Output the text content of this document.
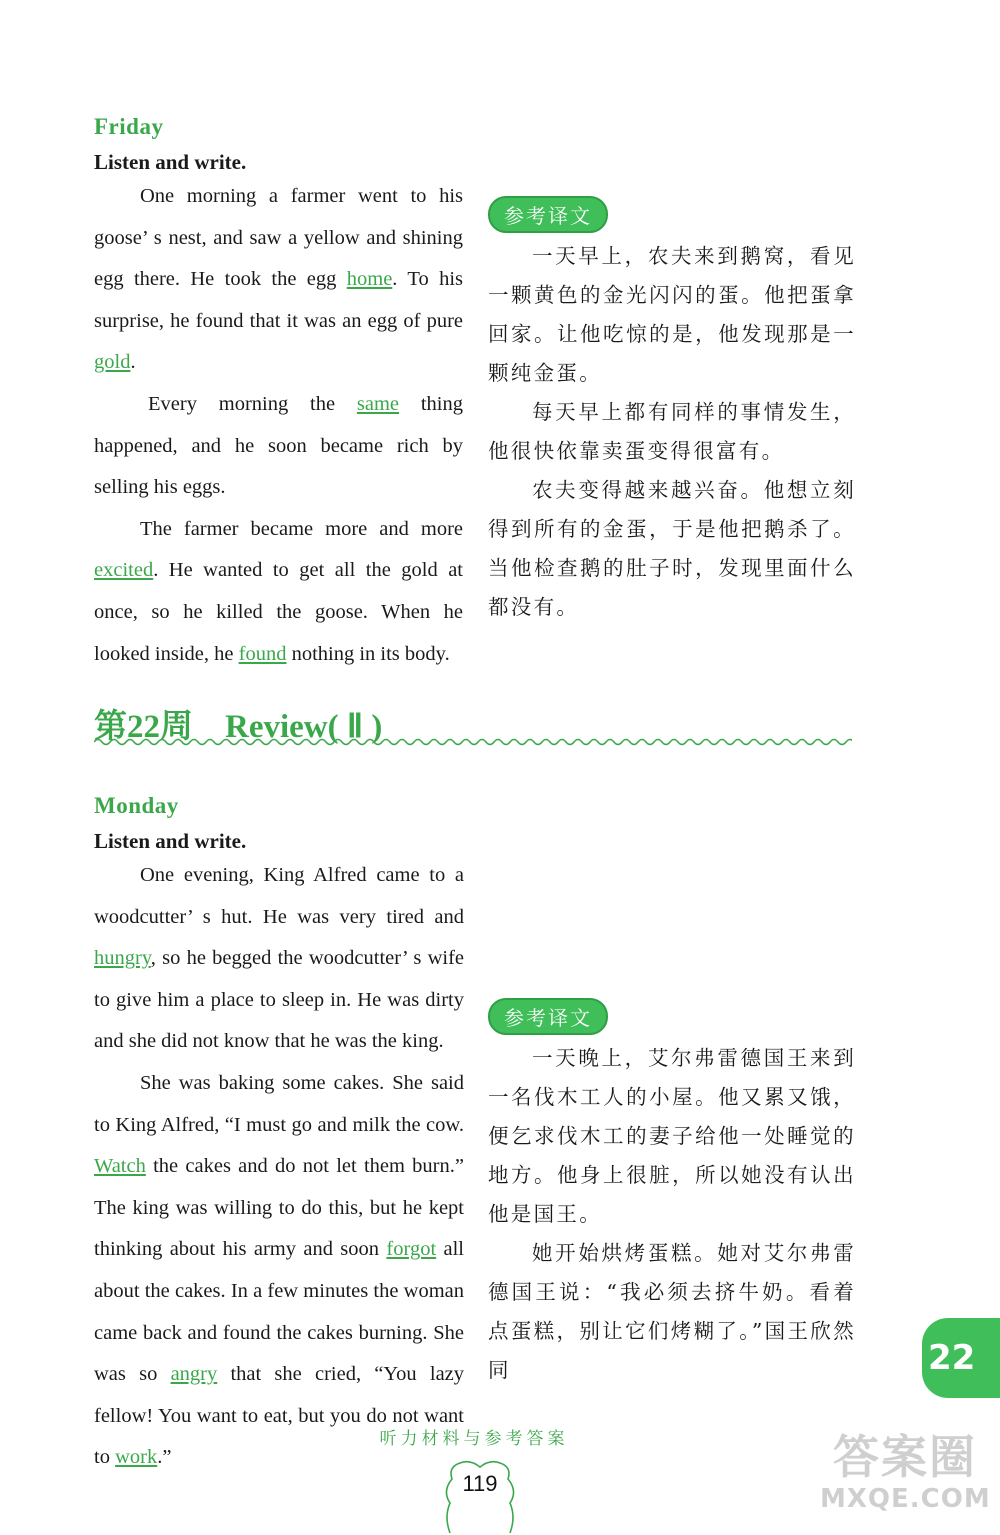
Friday
Listen and write.

One morning a farmer went to his goose’ s nest, and saw a yellow and shining egg there. He took the egg home. To his surprise, he found that it was an egg of pure gold.

Every morning the same thing happened, and he soon became rich by selling his eggs.

The farmer became more and more excited. He wanted to get all the gold at once, so he killed the goose. When he looked inside, he found nothing in its body.

参考译文

一天早上，农夫来到鹅窝，看见一颗黄色的金光闪闪的蛋。他把蛋拿回家。让他吃惊的是，他发现那是一颗纯金蛋。

每天早上都有同样的事情发生，他很快依靠卖蛋变得很富有。

农夫变得越来越兴奋。他想立刻得到所有的金蛋，于是他把鹅杀了。当他检查鹅的肚子时，发现里面什么都没有。

第22周 Review( Ⅱ )
Monday
Listen and write.

One evening, King Alfred came to a woodcutter’ s hut. He was very tired and hungry, so he begged the woodcutter’ s wife to give him a place to sleep in. He was dirty and she did not know that he was the king.

She was baking some cakes. She said to King Alfred, “I must go and milk the cow. Watch the cakes and do not let them burn.” The king was willing to do this, but he kept thinking about his army and soon forgot all about the cakes. In a few minutes the woman came back and found the cakes burning. She was so angry that she cried, “You lazy fellow! You want to eat, but you do not want to work.”

参考译文

一天晚上，艾尔弗雷德国王来到一名伐木工人的小屋。他又累又饿，便乞求伐木工的妻子给他一处睡觉的地方。他身上很脏，所以她没有认出他是国王。

她开始烘烤蛋糕。她对艾尔弗雷德国王说：“我必须去挤牛奶。看着点蛋糕，别让它们烤糊了。”国王欣然同	22
听力材料与参考答案
119	答案圈
MXQE.COM
